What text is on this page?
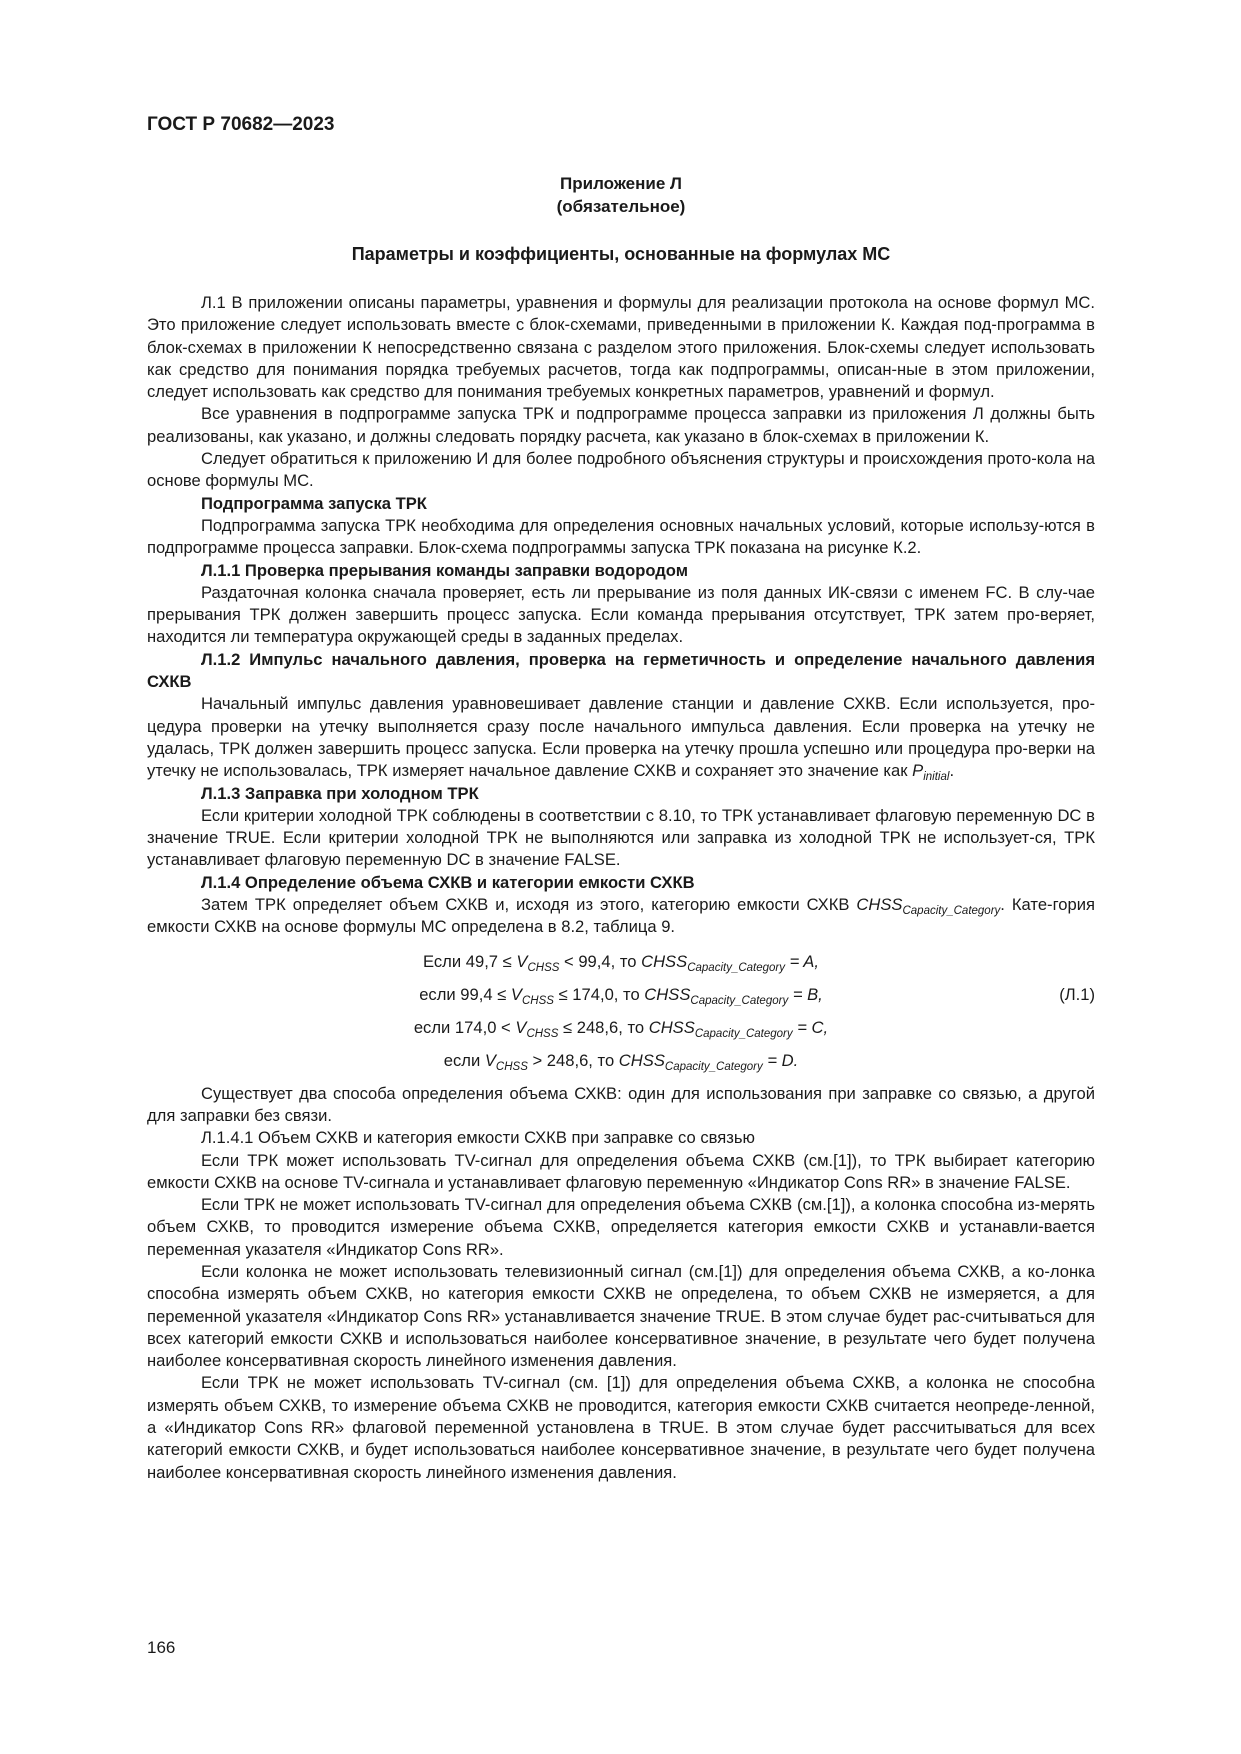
ГОСТ Р 70682—2023
Приложение Л
(обязательное)
Параметры и коэффициенты, основанные на формулах МС

Л.1 В приложении описаны параметры, уравнения и формулы для реализации протокола на основе формул МС. Это приложение следует использовать вместе с блок-схемами, приведенными в приложении К. Каждая под-программа в блок-схемах в приложении К непосредственно связана с разделом этого приложения. Блок-схемы следует использовать как средство для понимания порядка требуемых расчетов, тогда как подпрограммы, описан-ные в этом приложении, следует использовать как средство для понимания требуемых конкретных параметров, уравнений и формул.

Все уравнения в подпрограмме запуска ТРК и подпрограмме процесса заправки из приложения Л должны быть реализованы, как указано, и должны следовать порядку расчета, как указано в блок-схемах в приложении К.

Следует обратиться к приложению И для более подробного объяснения структуры и происхождения прото-кола на основе формулы МС.

Подпрограмма запуска ТРК

Подпрограмма запуска ТРК необходима для определения основных начальных условий, которые использу-ются в подпрограмме процесса заправки. Блок-схема подпрограммы запуска ТРК показана на рисунке К.2.

Л.1.1 Проверка прерывания команды заправки водородом

Раздаточная колонка сначала проверяет, есть ли прерывание из поля данных ИК-связи с именем FC. В слу-чае прерывания ТРК должен завершить процесс запуска. Если команда прерывания отсутствует, ТРК затем про-веряет, находится ли температура окружающей среды в заданных пределах.

Л.1.2 Импульс начального давления, проверка на герметичность и определение начального давления СХКВ

Начальный импульс давления уравновешивает давление станции и давление СХКВ. Если используется, про-цедура проверки на утечку выполняется сразу после начального импульса давления. Если проверка на утечку не удалась, ТРК должен завершить процесс запуска. Если проверка на утечку прошла успешно или процедура про-верки на утечку не использовалась, ТРК измеряет начальное давление СХКВ и сохраняет это значение как $P_{initial}$.

Л.1.3 Заправка при холодном ТРК

Если критерии холодной ТРК соблюдены в соответствии с 8.10, то ТРК устанавливает флаговую переменную DC в значение TRUE. Если критерии холодной ТРК не выполняются или заправка из холодной ТРК не использует-ся, ТРК устанавливает флаговую переменную DC в значение FALSE.

Л.1.4 Определение объема СХКВ и категории емкости СХКВ

Затем ТРК определяет объем СХКВ и, исходя из этого, категорию емкости СХКВ $CHSS_{Capacity\_Category}$. Кате-гория емкости СХКВ на основе формулы МС определена в 8.2, таблица 9.

Если $49,7 \le V_{CHSS} < 99,4$, то $CHSS_{Capacity\_Category} = A$,
если $99,4 \le V_{CHSS} \le 174,0$, то $CHSS_{Capacity\_Category} = B$,
если $174,0 < V_{CHSS} \le 248,6$, то $CHSS_{Capacity\_Category} = C$,
если $V_{CHSS} > 248,6$, то $CHSS_{Capacity\_Category} = D$.
(Л.1)

Существует два способа определения объема СХКВ: один для использования при заправке со связью, а другой для заправки без связи.

Л.1.4.1 Объем СХКВ и категория емкости СХКВ при заправке со связью

Если ТРК может использовать TV-сигнал для определения объема СХКВ (см.[1]), то ТРК выбирает категорию емкости СХКВ на основе TV-сигнала и устанавливает флаговую переменную «Индикатор Cons RR» в значение FALSE.

Если ТРК не может использовать TV-сигнал для определения объема СХКВ (см.[1]), а колонка способна из-мерять объем СХКВ, то проводится измерение объема СХКВ, определяется категория емкости СХКВ и устанавли-вается переменная указателя «Индикатор Cons RR».

Если колонка не может использовать телевизионный сигнал (см.[1]) для определения объема СХКВ, а ко-лонка способна измерять объем СХКВ, но категория емкости СХКВ не определена, то объем СХКВ не измеряется, а для переменной указателя «Индикатор Cons RR» устанавливается значение TRUE. В этом случае будет рас-считываться для всех категорий емкости СХКВ и использоваться наиболее консервативное значение, в результате чего будет получена наиболее консервативная скорость линейного изменения давления.

Если ТРК не может использовать TV-сигнал (см. [1]) для определения объема СХКВ, а колонка не способна измерять объем СХКВ, то измерение объема СХКВ не проводится, категория емкости СХКВ считается неопреде-ленной, а «Индикатор Cons RR» флаговой переменной установлена в TRUE. В этом случае будет рассчитываться для всех категорий емкости СХКВ, и будет использоваться наиболее консервативное значение, в результате чего будет получена наиболее консервативная скорость линейного изменения давления.

166
